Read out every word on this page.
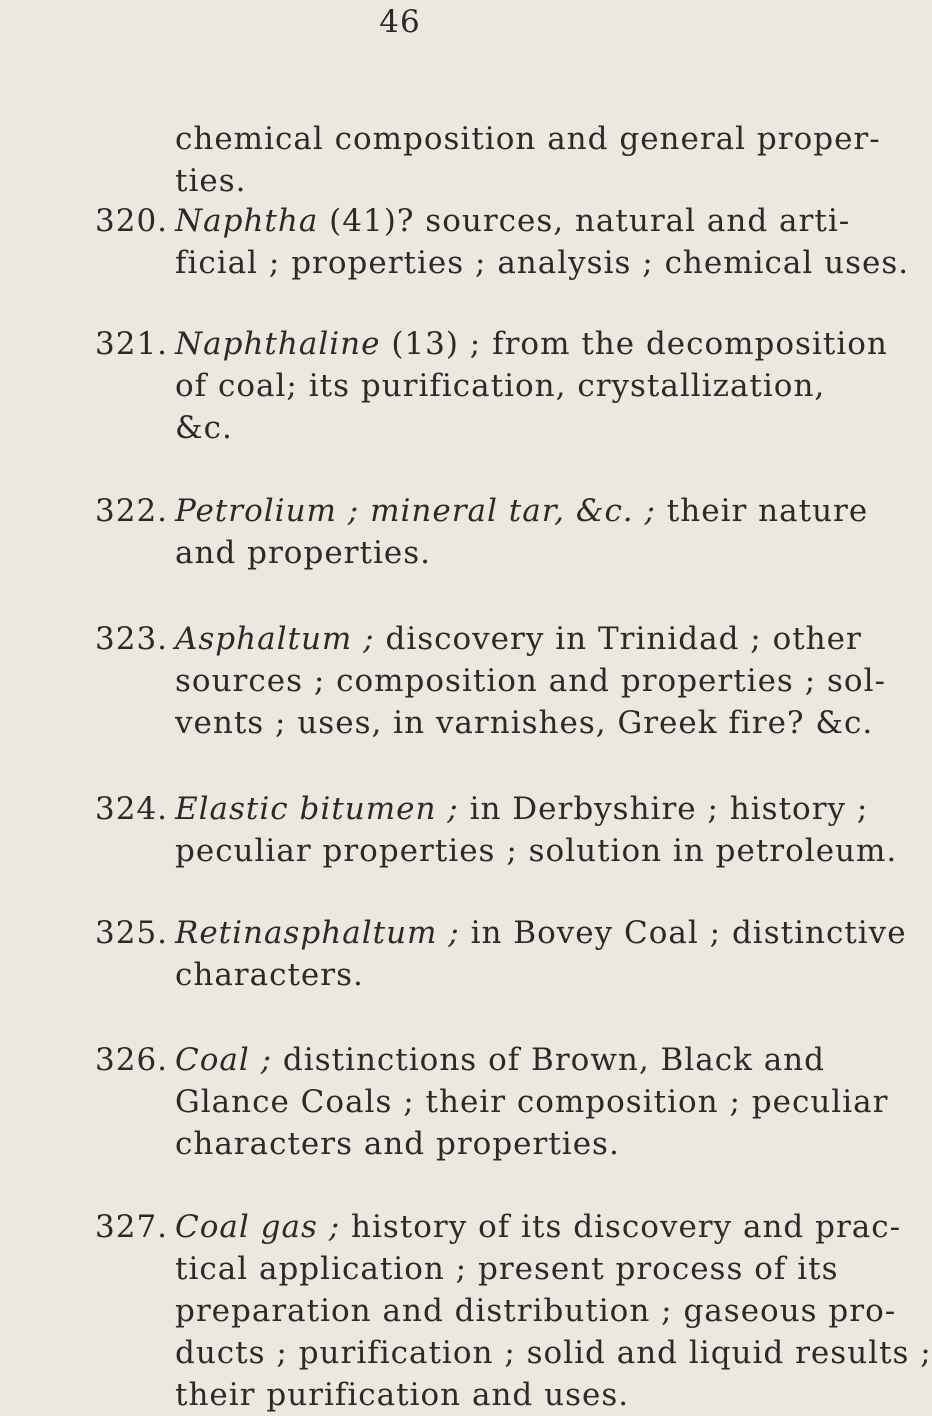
46
chemical composition and general proper-
ties.
320. Naphtha (41)? sources, natural and arti-
ficial ; properties ; analysis ; chemical uses.
321. Naphthaline (13) ; from the decomposition
of coal; its purification, crystallization,
&c.
322. Petrolium ; mineral tar, &c. ; their nature
and properties.
323. Asphaltum ; discovery in Trinidad ; other
sources ; composition and properties ; sol-
vents ; uses, in varnishes, Greek fire? &c.
324. Elastic bitumen ; in Derbyshire ; history ;
peculiar properties ; solution in petroleum.
325. Retinasphaltum ; in Bovey Coal ; distinctive
characters.
326. Coal ; distinctions of Brown, Black and
Glance Coals ; their composition ; peculiar
characters and properties.
327. Coal gas ; history of its discovery and prac-
tical application ; present process of its
preparation and distribution ; gaseous pro-
ducts ; purification ; solid and liquid results ;
their purification and uses.
